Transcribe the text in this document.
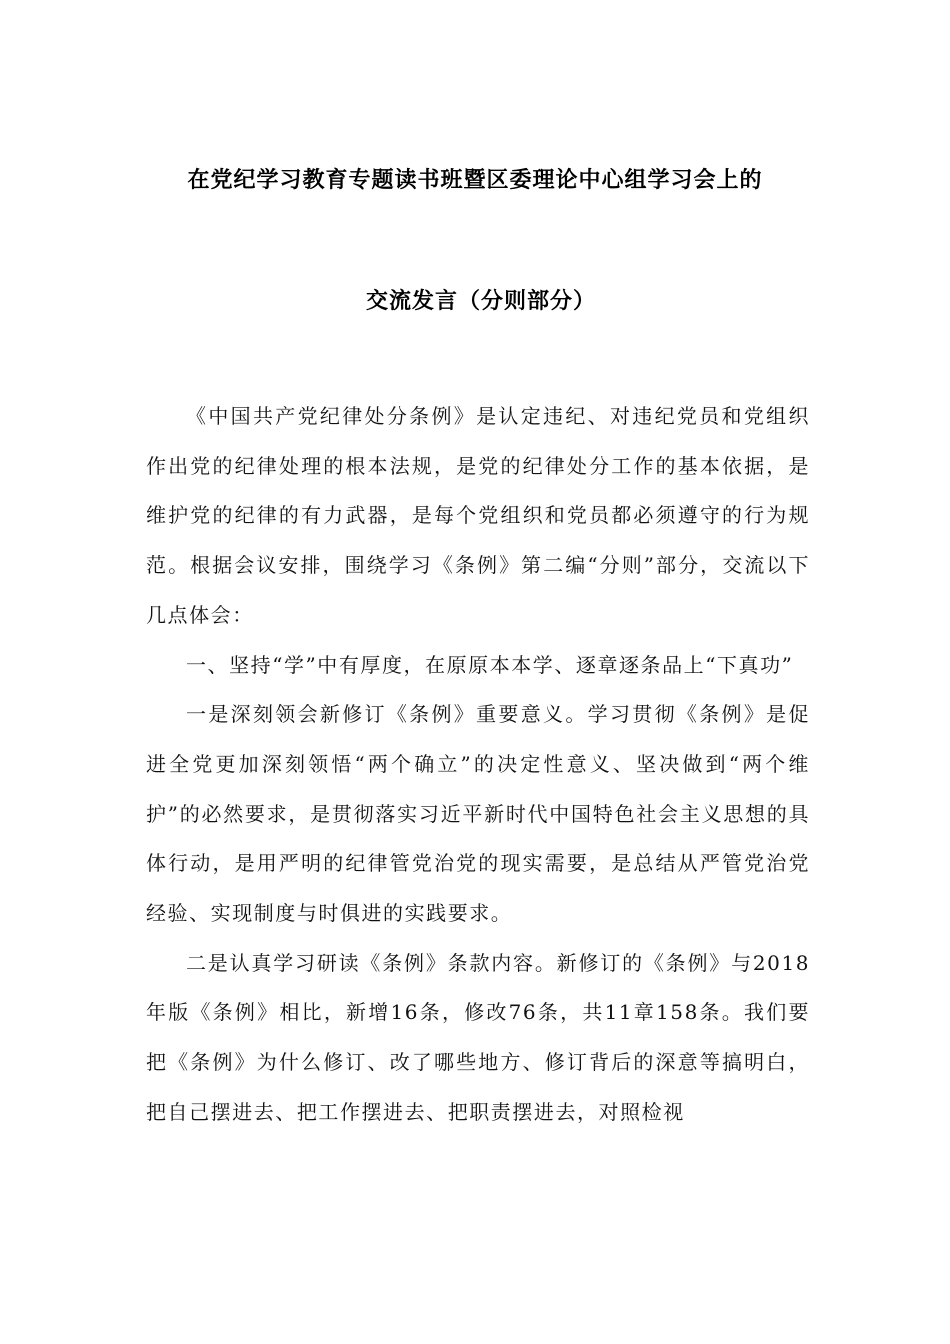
在党纪学习教育专题读书班暨区委理论中心组学习会上的
交流发言（分则部分）

《中国共产党纪律处分条例》是认定违纪、对违纪党员和党组织作出党的纪律处理的根本法规，是党的纪律处分工作的基本依据，是维护党的纪律的有力武器，是每个党组织和党员都必须遵守的行为规范。根据会议安排，围绕学习《条例》第二编“分则”部分，交流以下几点体会：

一、坚持“学”中有厚度，在原原本本学、逐章逐条品上“下真功”

一是深刻领会新修订《条例》重要意义。学习贯彻《条例》是促进全党更加深刻领悟“两个确立”的决定性意义、坚决做到“两个维护”的必然要求，是贯彻落实习近平新时代中国特色社会主义思想的具体行动，是用严明的纪律管党治党的现实需要，是总结从严管党治党经验、实现制度与时俱进的实践要求。

二是认真学习研读《条例》条款内容。新修订的《条例》与2018年版《条例》相比，新增16条，修改76条，共11章158条。我们要把《条例》为什么修订、改了哪些地方、修订背后的深意等搞明白，把自己摆进去、把工作摆进去、把职责摆进去，对照检视
